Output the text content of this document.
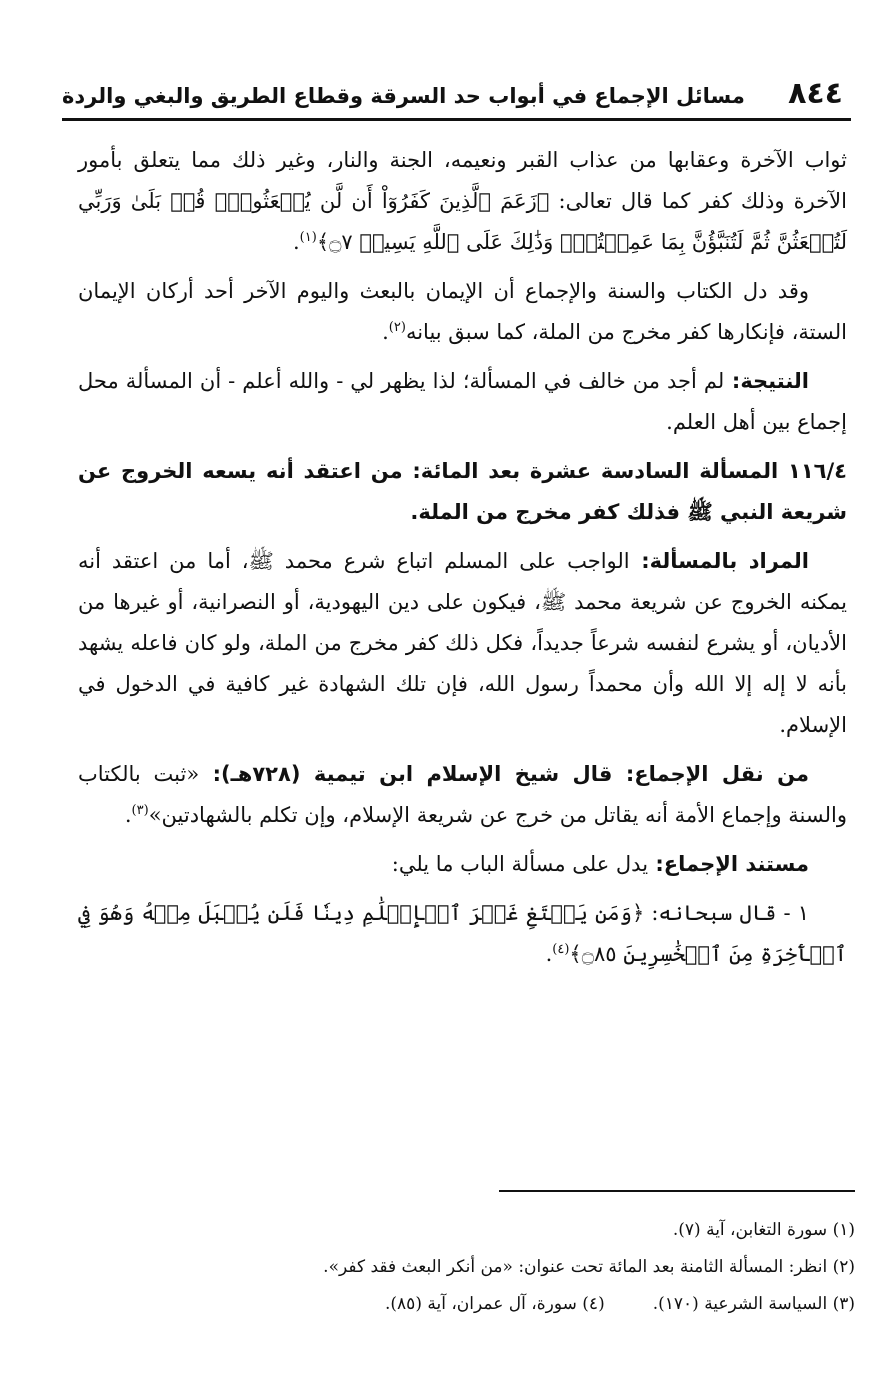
٨٤٤
مسائل الإجماع في أبواب حد السرقة وقطاع الطريق والبغي والردة

ثواب الآخرة وعقابها من عذاب القبر ونعيمه، الجنة والنار، وغير ذلك مما يتعلق بأمور الآخرة وذلك كفر كما قال تعالى: ﴿زَعَمَ ٱلَّذِينَ كَفَرُوٓاْ أَن لَّن يُبۡعَثُواْۚ قُلۡ بَلَىٰ وَرَبِّي لَتُبۡعَثُنَّ ثُمَّ لَتُنَبَّؤُنَّ بِمَا عَمِلۡتُمۡۚ وَذَٰلِكَ عَلَى ٱللَّهِ يَسِيرٞ ۝٧﴾$^{(١)}$.

وقد دل الكتاب والسنة والإجماع أن الإيمان بالبعث واليوم الآخر أحد أركان الإيمان الستة، فإنكارها كفر مخرج من الملة، كما سبق بيانه$^{(٢)}$.

النتيجة: لم أجد من خالف في المسألة؛ لذا يظهر لي - والله أعلم - أن المسألة محل إجماع بين أهل العلم.

١١٦/٤ المسألة السادسة عشرة بعد المائة: من اعتقد أنه يسعه الخروج عن شريعة النبي ﷺ فذلك كفر مخرج من الملة.

المراد بالمسألة: الواجب على المسلم اتباع شرع محمد ﷺ، أما من اعتقد أنه يمكنه الخروج عن شريعة محمد ﷺ، فيكون على دين اليهودية، أو النصرانية، أو غيرها من الأديان، أو يشرع لنفسه شرعاً جديداً، فكل ذلك كفر مخرج من الملة، ولو كان فاعله يشهد بأنه لا إله إلا الله وأن محمداً رسول الله، فإن تلك الشهادة غير كافية في الدخول في الإسلام.

من نقل الإجماع: قال شيخ الإسلام ابن تيمية (٧٢٨هـ): «ثبت بالكتاب والسنة وإجماع الأمة أنه يقاتل من خرج عن شريعة الإسلام، وإن تكلم بالشهادتين»$^{(٣)}$.

مستند الإجماع: يدل على مسألة الباب ما يلي:

١ - قال سبحانه: ﴿وَمَن يَبۡتَغِ غَيۡرَ ٱلۡإِسۡلَٰمِ دِينٗا فَلَن يُقۡبَلَ مِنۡهُ وَهُوَ فِي ٱلۡأٓخِرَةِ مِنَ ٱلۡخَٰسِرِينَ ۝٨٥﴾$^{(٤)}$.

(١) سورة التغابن، آية (٧).
(٢) انظر: المسألة الثامنة بعد المائة تحت عنوان: «من أنكر البعث فقد كفر».
(٣) السياسة الشرعية (١٧٠).
(٤) سورة، آل عمران، آية (٨٥).
